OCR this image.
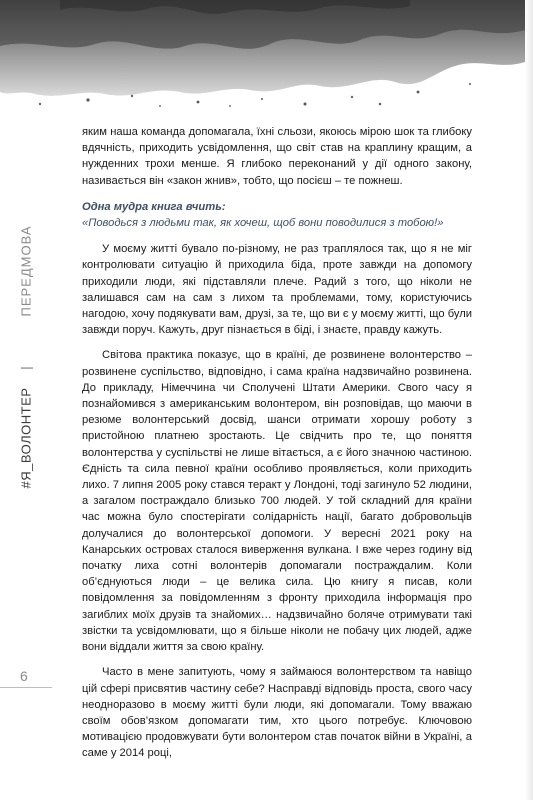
#Я_ВОЛОНТЕР
|
ПЕРЕДМОВА
6

яким наша команда допомагала, їхні сльози, якоюсь мірою шок та глибоку вдячність, приходить усвідомлення, що світ став на краплину кращим, а нужденних трохи менше. Я глибоко переконаний у дії одного закону, називається він «закон жнив», тобто, що посієш – те пожнеш.

Одна мудра книга вчить:

«Поводься з людьми так, як хочеш, щоб вони поводилися з тобою!»

У моєму житті бувало по-різному, не раз траплялося так, що я не міг контролювати ситуацію й приходила біда, проте завжди на допомогу приходили люди, які підставляли плече. Радий з того, що ніколи не залишався сам на сам з лихом та проблемами, тому, користуючись нагодою, хочу подякувати вам, друзі, за те, що ви є у моєму житті, що були завжди поруч. Кажуть, друг пізнається в біді, і знаєте, правду кажуть.

Світова практика показує, що в країні, де розвинене волонтерство – розвинене суспільство, відповідно, і сама країна надзвичайно розвинена. До прикладу, Німеччина чи Сполучені Штати Америки. Свого часу я познайомився з американським волонтером, він розповідав, що маючи в резюме волонтерський досвід, шанси отримати хорошу роботу з пристойною платнею зростають. Це свідчить про те, що поняття волонтерства у суспільстві не лише вітається, а є його значною частиною. Єдність та сила певної країни особливо проявляється, коли приходить лихо. 7 липня 2005 року стався теракт у Лондоні, тоді загинуло 52 людини, а загалом постраждало близько 700 людей. У той складний для країни час можна було спостерігати солідарність нації, багато добровольців долучалися до волонтерської допомоги. У вересні 2021 року на Канарських островах сталося виверження вулкана. І вже через годину від початку лиха сотні волонтерів допомагали постраждалим. Коли об’єднуються люди – це велика сила. Цю книгу я писав, коли повідомлення за повідомленням з фронту приходила інформація про загиблих моїх друзів та знайомих… надзвичайно боляче отримувати такі звістки та усвідомлювати, що я більше ніколи не побачу цих людей, адже вони віддали життя за свою країну.

Часто в мене запитують, чому я займаюся волонтерством та навіщо цій сфері присвятив частину себе? Насправді відповідь проста, свого часу неодноразово в моєму житті були люди, які допомагали. Тому вважаю своїм обов’язком допомагати тим, хто цього потребує. Ключовою мотивацією продовжувати бути волонтером став початок війни в Україні, а саме у 2014 році,
